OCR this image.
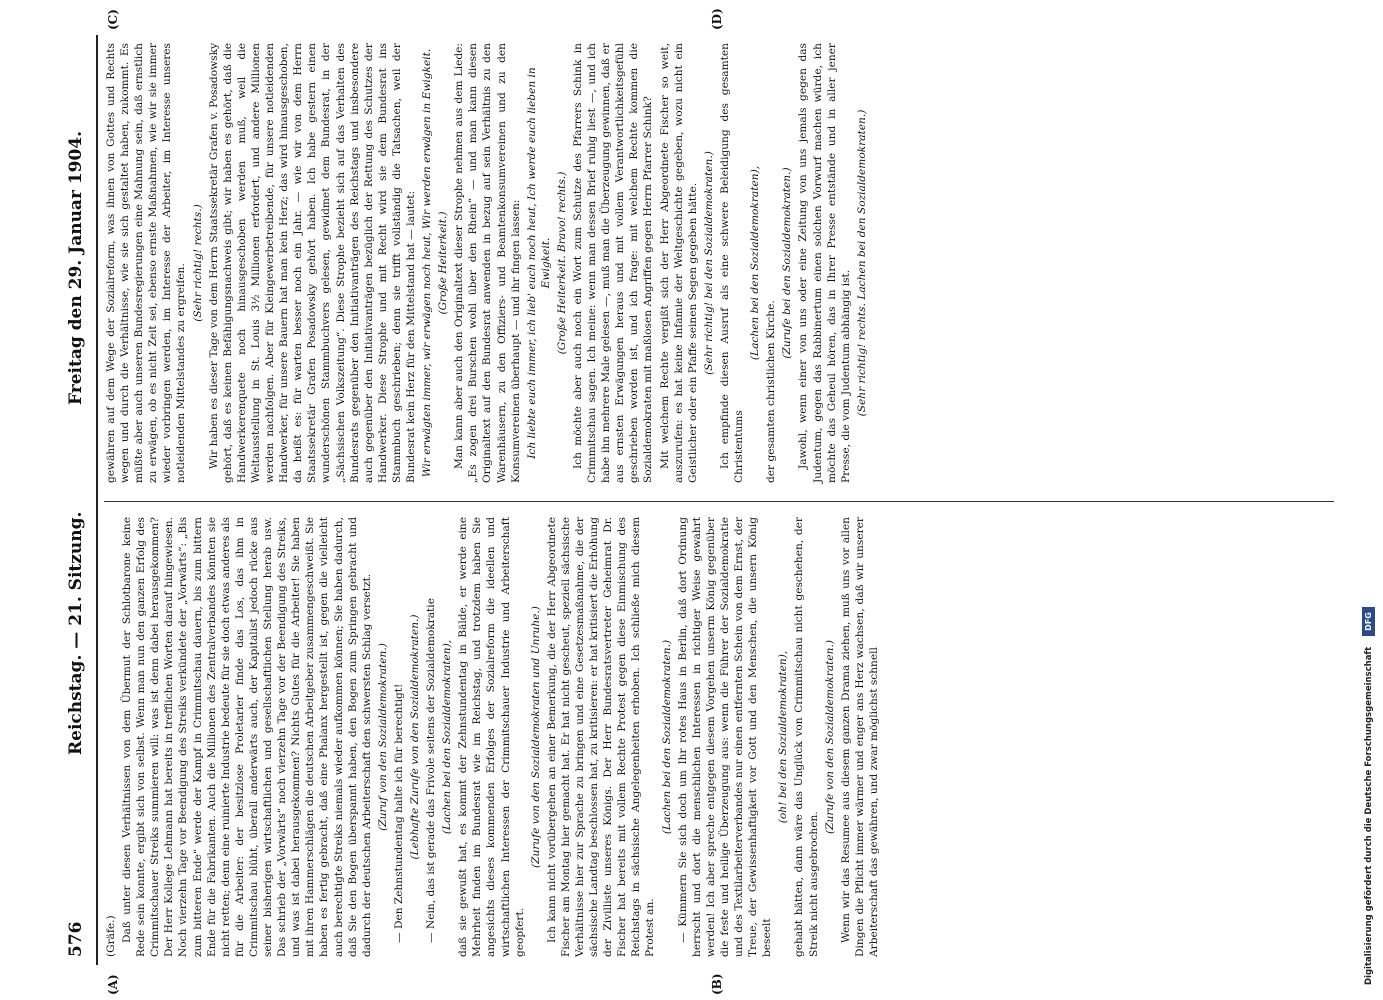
576
Reichstag. — 21. Sitzung.
Freitag den 29. Januar 1904.

(Gräfe.) Daß unter diesen Verhältnissen von dem Übermut der Schlotbarone keine Rede sein konnte, ergibt sich von selbst. Wenn man nun den ganzen Erfolg des Crimmitschauer Streiks summieren will: was ist denn dabei herausgekommen? Der Herr Kollege Lehmann hat bereits in trefflichen Worten darauf hingewiesen. Noch vierzehn Tage vor Beendigung des Streiks verkündete der „Vorwärts“: „Bis zum bitteren Ende“ werde der Kampf in Crimmitschau dauern, bis zum bittern Ende für die Fabrikanten. Auch die Millionen des Zentralverbandes könnten sie nicht retten; denn eine ruinierte Industrie bedeute für sie doch etwas anderes als für die Arbeiter: der besitzlose Proletarier finde das Los, das ihm in Crimmitschau blüht, überall anderwärts auch, der Kapitalist jedoch rücke aus seiner bisherigen wirtschaftlichen und gesellschaftlichen Stellung herab usw. Das schrieb der „Vorwärts“ noch vierzehn Tage vor der Beendigung des Streiks, und was ist dabei herausgekommen? Nichts Gutes für die Arbeiter! Sie haben mit ihren Hammerschlägen die deutschen Arbeitgeber zusammengeschweißt. Sie haben es fertig gebracht, daß eine Phalanx hergestellt ist, gegen die vielleicht auch berechtigte Streiks niemals wieder aufkommen können; Sie haben dadurch, daß Sie den Bogen überspannt haben, den Bogen zum Springen gebracht und dadurch der deutschen Arbeiterschaft den schwersten Schlag versetzt. (Zuruf von den Sozialdemokraten.) — Den Zehnstundentag halte ich für berechtigt! (Lebhafte Zurufe von den Sozialdemokraten.) — Nein, das ist gerade das Frivole seitens der Sozialdemokratie (Lachen bei den Sozialdemokraten), daß sie gewußt hat, es kommt der Zehnstundentag in Bälde, er werde eine Mehrheit finden im Bundesrat wie im Reichstag, und trotzdem haben Sie angesichts dieses kommenden Erfolges der Sozialreform die ideellen und wirtschaftlichen Interessen der Crimmitschauer Industrie und Arbeiterschaft geopfert.

(Zurufe von den Sozialdemokraten und Unruhe.) Ich kann nicht vorübergehen an einer Bemerkung, die der Herr Abgeordnete Fischer am Montag hier gemacht hat. Er hat nicht gescheut, speziell sächsische Verhältnisse hier zur Sprache zu bringen und eine Gesetzesmaßnahme, die der sächsische Landtag beschlossen hat, zu kritisieren: er hat kritisiert die Erhöhung der Zivilliste unseres Königs. Der Herr Bundesratsvertreter Geheimrat Dr. Fischer hat bereits mit vollem Rechte Protest gegen diese Einmischung des Reichstags in sächsische Angelegenheiten erhoben. Ich schließe mich diesem Protest an.

(Lachen bei den Sozialdemokraten.) — Kümmern Sie sich doch um Ihr rotes Haus in Berlin, daß dort Ordnung herrscht und dort die menschlichen Interessen in richtiger Weise gewahrt werden! Ich aber spreche entgegen diesem Vorgehen unserm König gegenüber die feste und heilige Überzeugung aus: wenn die Führer der Sozialdemokratie und des Textilarbeiterverbandes nur einen entfernten Schein von dem Ernst, der Treue, der Gewissenhaftigkeit vor Gott und den Menschen, die unsern König beseelt

(oh! bei den Sozialdemokraten), gehabt hätten, dann wäre das Unglück von Crimmitschau nicht geschehen, der Streik nicht ausgebrochen.

(Zurufe von den Sozialdemokraten.) Wenn wir das Resumee aus diesem ganzen Drama ziehen, muß uns vor allen Dingen die Pflicht immer wärmer und enger ans Herz wachsen, daß wir unserer Arbeiterschaft das gewähren, und zwar möglichst schnell

gewähren auf dem Wege der Sozialreform, was ihnen von Gottes und Rechts wegen und durch die Verhältnisse, wie sie sich gestaltet haben, zukommt. Es müßte aber auch unseren Bundesregierungen eine Mahnung sein, daß ernstlich zu erwägen, ob es nicht Zeit sei, ebenso ernste Maßnahmen, wie wir sie immer wieder vorbringen werden, im Interesse der Arbeiter, im Interesse unseres notleidenden Mittelstandes zu ergreifen.

(Sehr richtig! rechts.) Wir haben es dieser Tage von dem Herrn Staatssekretär Grafen v. Posadowsky gehört, daß es keinen Befähigungsnachweis gibt; wir haben es gehört, daß die Handwerkerenquete noch hinausgeschoben werden muß, weil die Weltausstellung in St. Louis 3½ Millionen erfordert, und andere Millionen werden nachfolgen. Aber für Kleingewerbetreibende, für unsere notleidenden Handwerker, für unsere Bauern hat man kein Herz; das wird hinausgeschoben, da heißt es: für warten besser noch ein Jahr. — wie wir von dem Herrn Staatssekretär Grafen Posadowsky gehört haben. Ich habe gestern einen wunderschönen Stammbuchvers gelesen, gewidmet dem Bundesrat, in der „Sächsischen Volkszeitung“. Diese Strophe bezieht sich auf das Verhalten des Bundesrats gegenüber den Initiativanträgen des Reichstags und insbesondere auch gegenüber den Initiativanträgen bezüglich der Rettung des Schutzes der Handwerker. Diese Strophe und mit Recht wird sie dem Bundesrat ins Stammbuch geschrieben; denn sie trifft vollständig die Tatsachen, weil der Bundesrat kein Herz für den Mittelstand hat — lautet: Wir erwägten immer, wir erwägen noch heut, Wir werden erwägen in Ewigkeit. (Große Heiterkeit.) Man kann aber auch den Originaltext dieser Strophe nehmen aus dem Liede: „Es zogen drei Burschen wohl über den Rhein“ — und man kann diesen Originaltext auf den Bundesrat anwenden in bezug auf sein Verhältnis zu den Warenhäusern, zu den Offiziers- und Beamtenkonsumvereinen und zu den Konsumvereinen überhaupt — und ihr fingen lassen: Ich liebte euch immer, ich lieb' euch noch heut, Ich werde euch lieben in Ewigkeit. (Große Heiterkeit. Bravo! rechts.) Ich möchte aber auch noch ein Wort zum Schutze des Pfarrers Schink in Crimmitschau sagen. Ich meine: wenn man dessen Brief ruhig liest —, und ich habe ihn mehrere Male gelesen —, muß man die Überzeugung gewinnen, daß er aus ernsten Erwägungen heraus und mit vollem Verantwortlichkeitsgefühl geschrieben worden ist, und ich frage: mit welchem Rechte kommen die Sozialdemokraten mit maßlosen Angriffen gegen Herrn Pfarrer Schink? Mit welchem Rechte vergißt sich der Herr Abgeordnete Fischer so weit, auszurufen: es hat keine Infamie der Weltgeschichte gegeben, wozu nicht ein Geistlicher oder ein Pfaffe seinen Segen gegeben hätte. (Sehr richtig! bei den Sozialdemokraten.) Ich empfinde diesen Ausruf als eine schwere Beleidigung des gesamten Christentums

(Lachen bei den Sozialdemokraten),

der gesamten christlichen Kirche.

(Zurufe bei den Sozialdemokraten.) Jawohl, wenn einer von uns oder eine Zeitung von uns jemals gegen das Judentum, gegen das Rabbinertum einen solchen Vorwurf machen würde, ich möchte das Geheul hören, das in Ihrer Presse entstände und in aller jener Presse, die vom Judentum abhängig ist. (Sehr richtig! rechts. Lachen bei den Sozialdemokraten.)

(A)	(B)
(C)	(D)
Digitalisierung gefördert durch die Deutsche Forschungsgemeinschaft DFG
